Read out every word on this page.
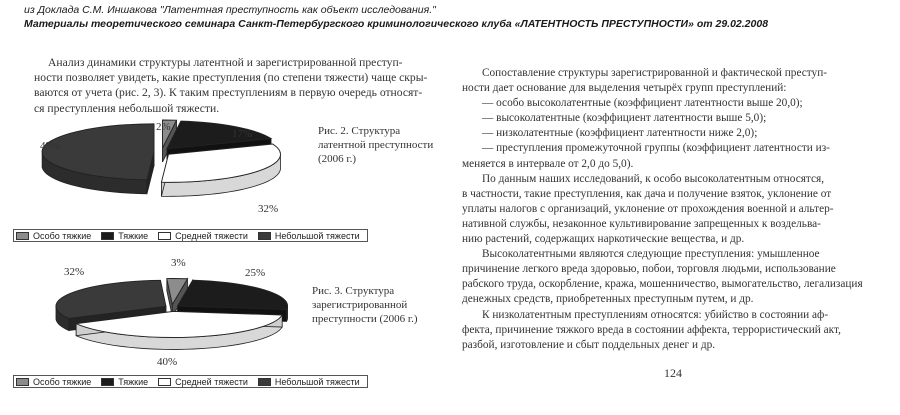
из Доклада С.М. Иншакова "Латентная преступность как объект исследования."
Материалы теоретического семинара Санкт-Петербургского криминологического клуба «ЛАТЕНТНОСТЬ ПРЕСТУПНОСТИ» от 29.02.2008
Анализ динамики структуры латентной и зарегистрированной преступ-
ности позволяет увидеть, какие преступления (по степени тяжести) чаще скры-
ваются от учета (рис. 2, 3). К таким преступлениям в первую очередь относят-
ся преступления небольшой тяжести.
49%
2%
17%
32%
Рис. 2. Структура
латентной преступности
(2006 г.)
Особо тяжкие	Тяжкие	Средней тяжести	Небольшой тяжести
32%
3%
25%
40%
Рис. 3. Структура
зарегистрированной
преступности (2006 г.)
Особо тяжкие	Тяжкие	Средней тяжести	Небольшой тяжести
Сопоставление структуры зарегистрированной и фактической преступ-
ности дает основание для выделения четырёх групп преступлений:
— особо высоколатентные (коэффициент латентности выше 20,0);
— высоколатентные (коэффициент латентности выше 5,0);
— низколатентные (коэффициент латентности ниже 2,0);
— преступления промежуточной группы (коэффициент латентности из-
меняется в интервале от 2,0 до 5,0).
По данным наших исследований, к особо высоколатентным относятся,
в частности, такие преступления, как дача и получение взяток, уклонение от
уплаты налогов с организаций, уклонение от прохождения военной и альтер-
нативной службы, незаконное культивирование запрещенных к воздельва-
нию растений, содержащих наркотические вещества, и др.
Высоколатентными являются следующие преступления: умышленное
причинение легкого вреда здоровью, побои, торговля людьми, использование
рабского труда, оскорбление, кража, мошенничество, вымогательство, легализация
денежных средств, приобретенных преступным путем, и др.
К низколатентным преступлениям относятся: убийство в состоянии аф-
фекта, причинение тяжкого вреда в состоянии аффекта, террористический акт,
разбой, изготовление и сбыт поддельных денег и др.
124
